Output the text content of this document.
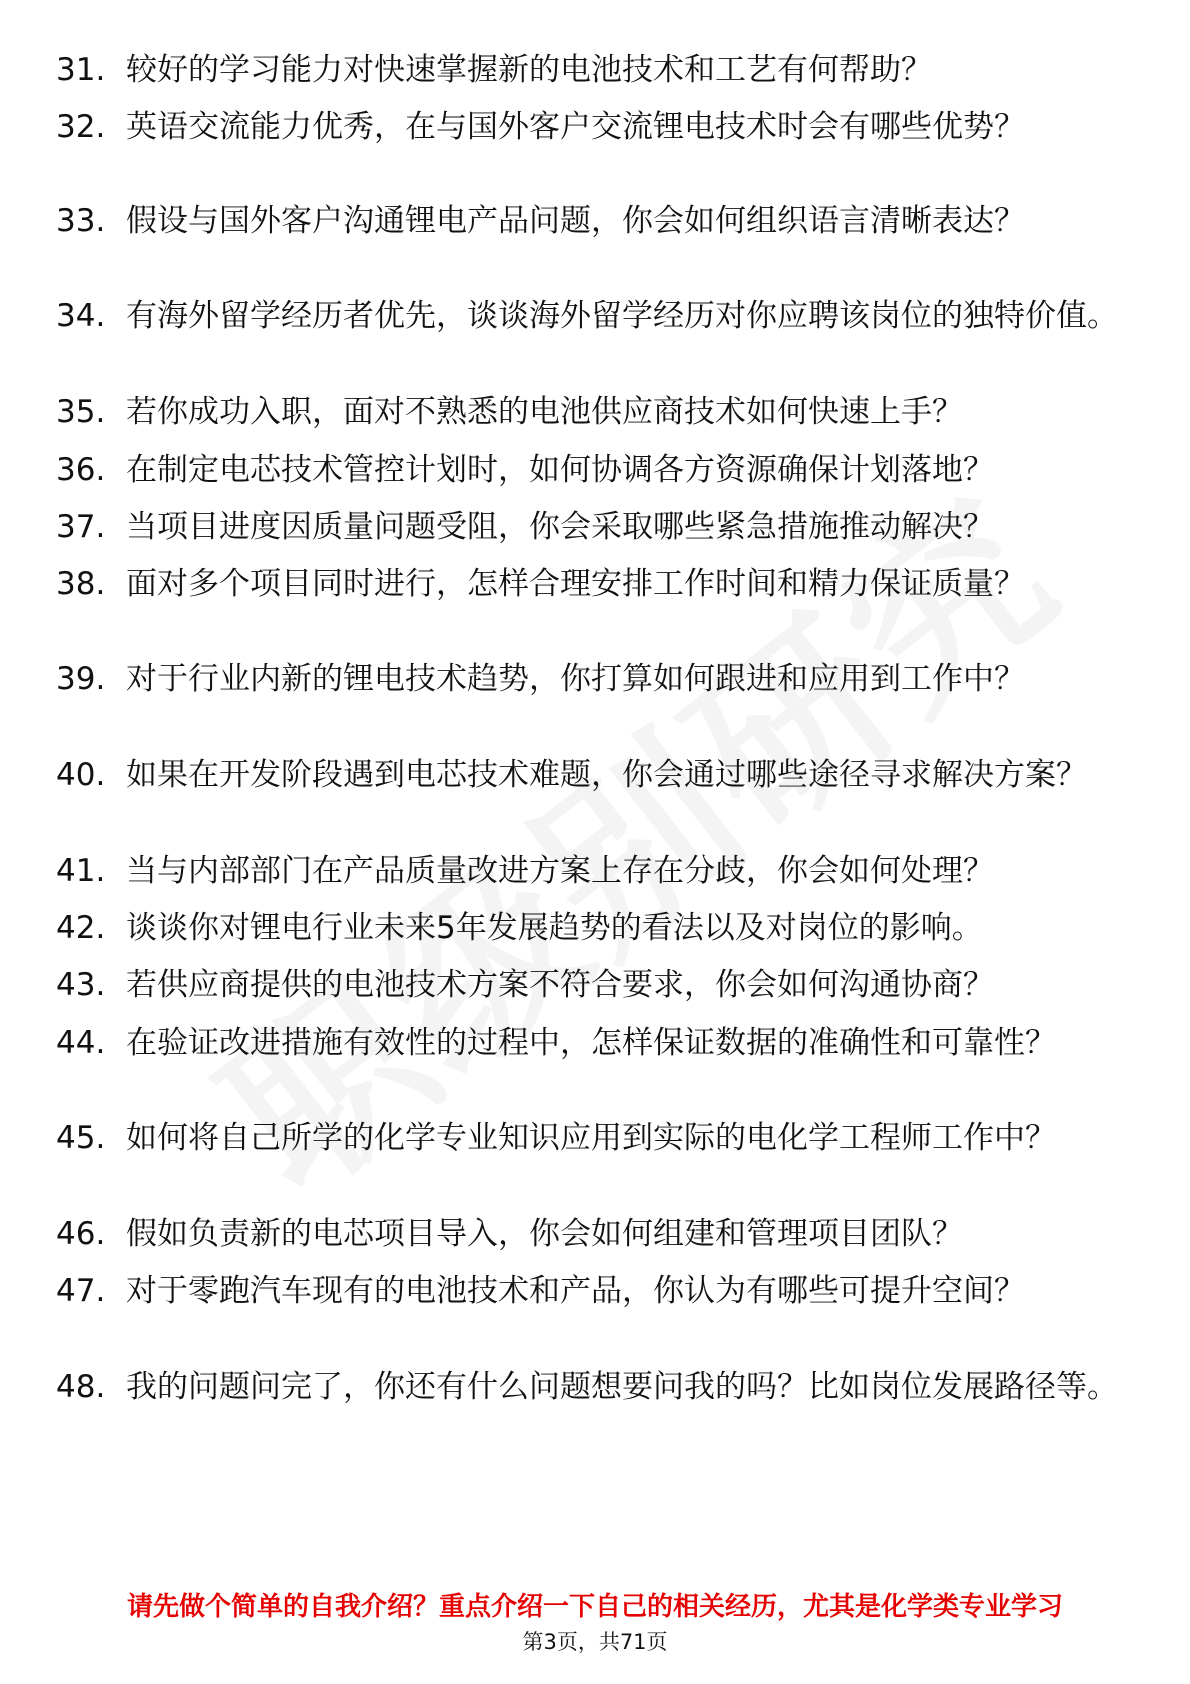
31. 较好的学习能力对快速掌握新的电池技术和工艺有何帮助？
32. 英语交流能力优秀，在与国外客户交流锂电技术时会有哪些优势？
33. 假设与国外客户沟通锂电产品问题，你会如何组织语言清晰表达？
34. 有海外留学经历者优先，谈谈海外留学经历对你应聘该岗位的独特价值。
35. 若你成功入职，面对不熟悉的电池供应商技术如何快速上手？
36. 在制定电芯技术管控计划时，如何协调各方资源确保计划落地？
37. 当项目进度因质量问题受阻，你会采取哪些紧急措施推动解决？
38. 面对多个项目同时进行，怎样合理安排工作时间和精力保证质量？
39. 对于行业内新的锂电技术趋势，你打算如何跟进和应用到工作中？
40. 如果在开发阶段遇到电芯技术难题，你会通过哪些途径寻求解决方案？
41. 当与内部部门在产品质量改进方案上存在分歧，你会如何处理？
42. 谈谈你对锂电行业未来5年发展趋势的看法以及对岗位的影响。
43. 若供应商提供的电池技术方案不符合要求，你会如何沟通协商？
44. 在验证改进措施有效性的过程中，怎样保证数据的准确性和可靠性？
45. 如何将自己所学的化学专业知识应用到实际的电化学工程师工作中？
46. 假如负责新的电芯项目导入，你会如何组建和管理项目团队？
47. 对于零跑汽车现有的电池技术和产品，你认为有哪些可提升空间？
48. 我的问题问完了，你还有什么问题想要问我的吗？比如岗位发展路径等。
请先做个简单的自我介绍？重点介绍一下自己的相关经历，尤其是化学类专业学习
第3页，共71页
